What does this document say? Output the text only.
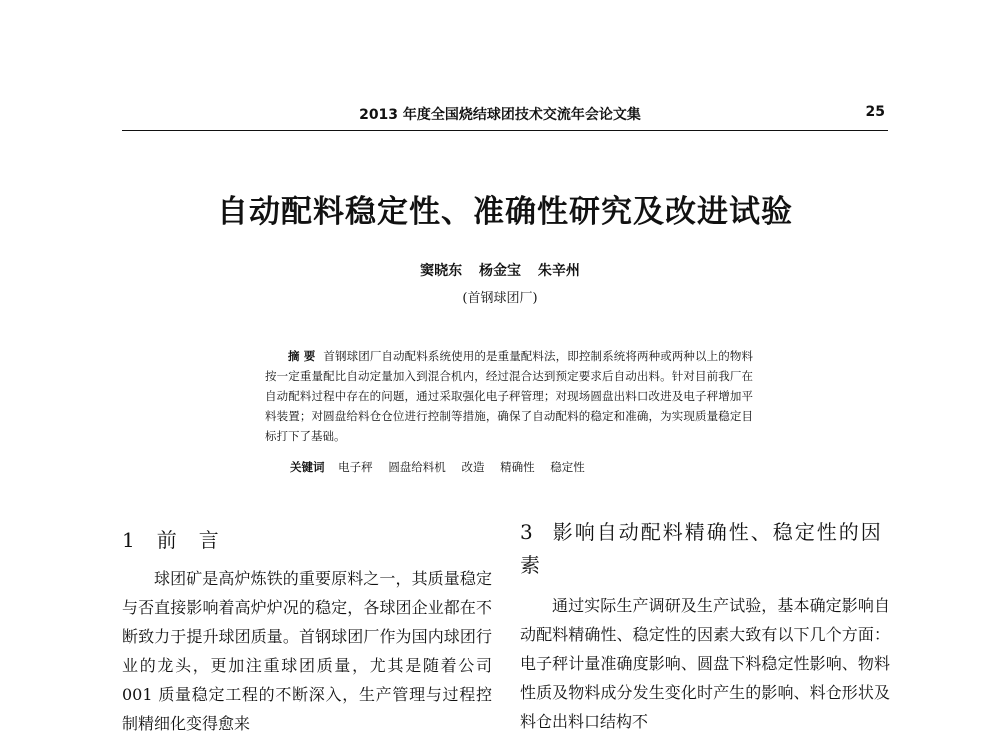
2013 年度全国烧结球团技术交流年会论文集	25
自动配料稳定性、准确性研究及改进试验
窦晓东 杨金宝 朱辛州
(首钢球团厂)
摘 要 首钢球团厂自动配料系统使用的是重量配料法，即控制系统将两种或两种以上的物料按一定重量配比自动定量加入到混合机内，经过混合达到预定要求后自动出料。针对目前我厂在自动配料过程中存在的问题，通过采取强化电子秤管理；对现场圆盘出料口改进及电子秤增加平料装置；对圆盘给料仓仓位进行控制等措施，确保了自动配料的稳定和准确，为实现质量稳定目标打下了基础。
关键词 电子秤 圆盘给料机 改造 精确性 稳定性
1 前言

球团矿是高炉炼铁的重要原料之一，其质量稳定与否直接影响着高炉炉况的稳定，各球团企业都在不断致力于提升球团质量。首钢球团厂作为国内球团行业的龙头，更加注重球团质量，尤其是随着公司 001 质量稳定工程的不断深入，生产管理与过程控制精细化变得愈来

3 影响自动配料精确性、稳定性的因素

通过实际生产调研及生产试验，基本确定影响自动配料精确性、稳定性的因素大致有以下几个方面：电子秤计量准确度影响、圆盘下料稳定性影响、物料性质及物料成分发生变化时产生的影响、料仓形状及料仓出料口结构不
